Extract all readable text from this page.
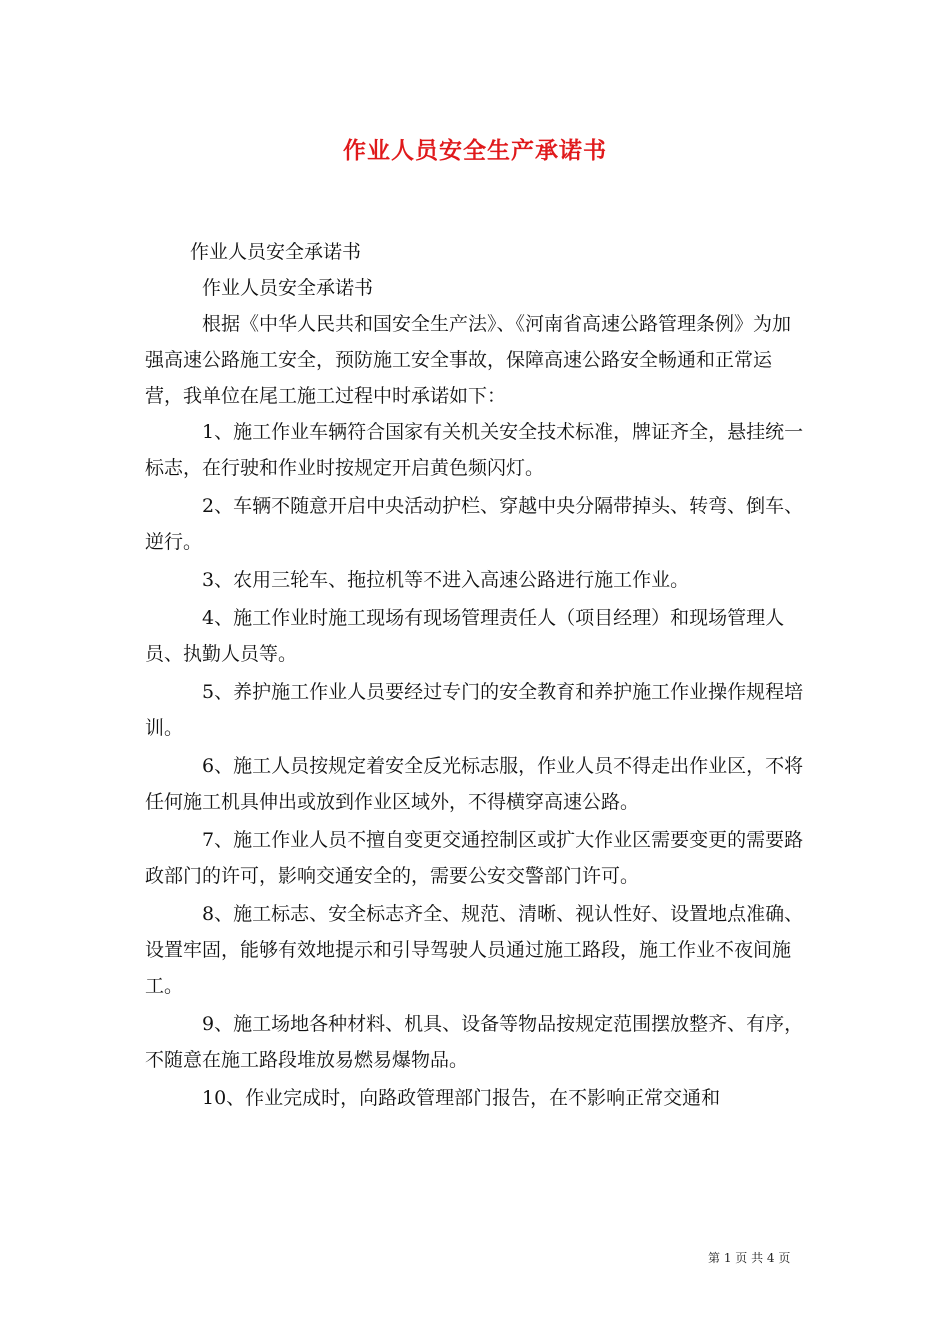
作业人员安全生产承诺书

作业人员安全承诺书

作业人员安全承诺书

根据《中华人民共和国安全生产法》、《河南省高速公路管理条例》为加强高速公路施工安全，预防施工安全事故，保障高速公路安全畅通和正常运营，我单位在尾工施工过程中时承诺如下：

1、施工作业车辆符合国家有关机关安全技术标准，牌证齐全，悬挂统一标志，在行驶和作业时按规定开启黄色频闪灯。

2、车辆不随意开启中央活动护栏、穿越中央分隔带掉头、转弯、倒车、逆行。

3、农用三轮车、拖拉机等不进入高速公路进行施工作业。

4、施工作业时施工现场有现场管理责任人（项目经理）和现场管理人员、执勤人员等。

5、养护施工作业人员要经过专门的安全教育和养护施工作业操作规程培训。

6、施工人员按规定着安全反光标志服，作业人员不得走出作业区，不将任何施工机具伸出或放到作业区域外，不得横穿高速公路。

7、施工作业人员不擅自变更交通控制区或扩大作业区需要变更的需要路政部门的许可，影响交通安全的，需要公安交警部门许可。

8、施工标志、安全标志齐全、规范、清晰、视认性好、设置地点准确、设置牢固，能够有效地提示和引导驾驶人员通过施工路段，施工作业不夜间施工。

9、施工场地各种材料、机具、设备等物品按规定范围摆放整齐、有序，不随意在施工路段堆放易燃易爆物品。

10、作业完成时，向路政管理部门报告，在不影响正常交通和

第 1 页 共 4 页
